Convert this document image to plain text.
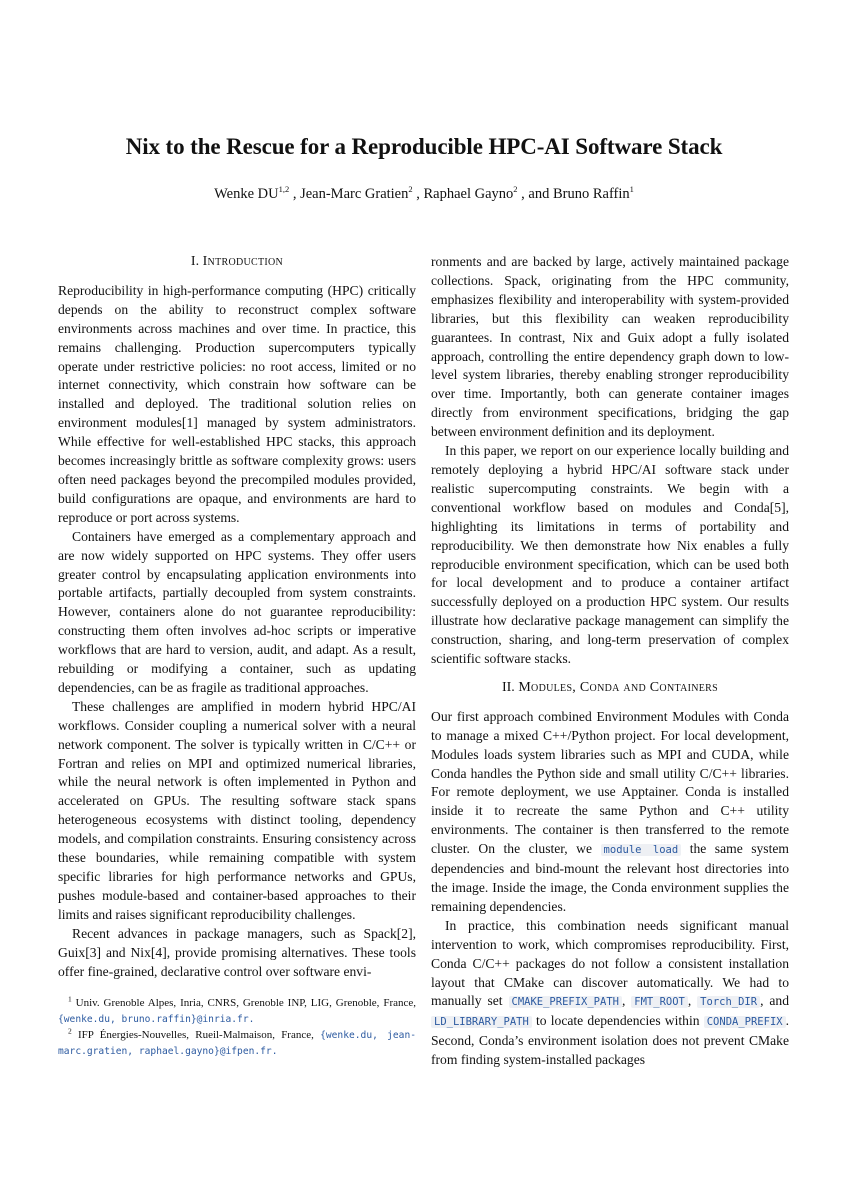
Nix to the Rescue for a Reproducible HPC-AI Software Stack
Wenke DU$^{1,2}$ , Jean-Marc Gratien$^2$ , Raphael Gayno$^2$ , and Bruno Raffin$^1$
I. Introduction

Reproducibility in high-performance computing (HPC) critically depends on the ability to reconstruct complex software environments across machines and over time. In practice, this remains challenging. Production supercomputers typically operate under restrictive policies: no root access, limited or no internet connectivity, which constrain how software can be installed and deployed. The traditional solution relies on environment modules[1] managed by system administrators. While effective for well-established HPC stacks, this approach becomes increasingly brittle as software complexity grows: users often need packages beyond the precompiled modules provided, build configurations are opaque, and environments are hard to reproduce or port across systems.

Containers have emerged as a complementary approach and are now widely supported on HPC systems. They offer users greater control by encapsulating application environments into portable artifacts, partially decoupled from system constraints. However, containers alone do not guarantee reproducibility: constructing them often involves ad-hoc scripts or imperative workflows that are hard to version, audit, and adapt. As a result, rebuilding or modifying a container, such as updating dependencies, can be as fragile as traditional approaches.

These challenges are amplified in modern hybrid HPC/AI workflows. Consider coupling a numerical solver with a neural network component. The solver is typically written in C/C++ or Fortran and relies on MPI and optimized numerical libraries, while the neural network is often implemented in Python and accelerated on GPUs. The resulting software stack spans heterogeneous ecosystems with distinct tooling, dependency models, and compilation constraints. Ensuring consistency across these boundaries, while remaining compatible with system specific libraries for high performance networks and GPUs, pushes module-based and container-based approaches to their limits and raises significant reproducibility challenges.

Recent advances in package managers, such as Spack[2], Guix[3] and Nix[4], provide promising alternatives. These tools offer fine-grained, declarative control over software envi-

$^1$ Univ. Grenoble Alpes, Inria, CNRS, Grenoble INP, LIG, Grenoble, France, {wenke.du, bruno.raffin}@inria.fr.
$^2$ IFP Énergies-Nouvelles, Rueil-Malmaison, France, {wenke.du, jean-marc.gratien, raphael.gayno}@ifpen.fr.

ronments and are backed by large, actively maintained package collections. Spack, originating from the HPC community, emphasizes flexibility and interoperability with system-provided libraries, but this flexibility can weaken reproducibility guarantees. In contrast, Nix and Guix adopt a fully isolated approach, controlling the entire dependency graph down to low-level system libraries, thereby enabling stronger reproducibility over time. Importantly, both can generate container images directly from environment specifications, bridging the gap between environment definition and its deployment.

In this paper, we report on our experience locally building and remotely deploying a hybrid HPC/AI software stack under realistic supercomputing constraints. We begin with a conventional workflow based on modules and Conda[5], highlighting its limitations in terms of portability and reproducibility. We then demonstrate how Nix enables a fully reproducible environment specification, which can be used both for local development and to produce a container artifact successfully deployed on a production HPC system. Our results illustrate how declarative package management can simplify the construction, sharing, and long-term preservation of complex scientific software stacks.

II. Modules, Conda and Containers

Our first approach combined Environment Modules with Conda to manage a mixed C++/Python project. For local development, Modules loads system libraries such as MPI and CUDA, while Conda handles the Python side and small utility C/C++ libraries. For remote deployment, we use Apptainer. Conda is installed inside it to recreate the same Python and C++ utility environments. The container is then transferred to the remote cluster. On the cluster, we module load the same system dependencies and bind-mount the relevant host directories into the image. Inside the image, the Conda environment supplies the remaining dependencies.

In practice, this combination needs significant manual intervention to work, which compromises reproducibility. First, Conda C/C++ packages do not follow a consistent installation layout that CMake can discover automatically. We had to manually set CMAKE_PREFIX_PATH , FMT_ROOT , Torch_DIR , and LD_LIBRARY_PATH to locate dependencies within CONDA_PREFIX . Second, Conda’s environment isolation does not prevent CMake from finding system-installed packages
